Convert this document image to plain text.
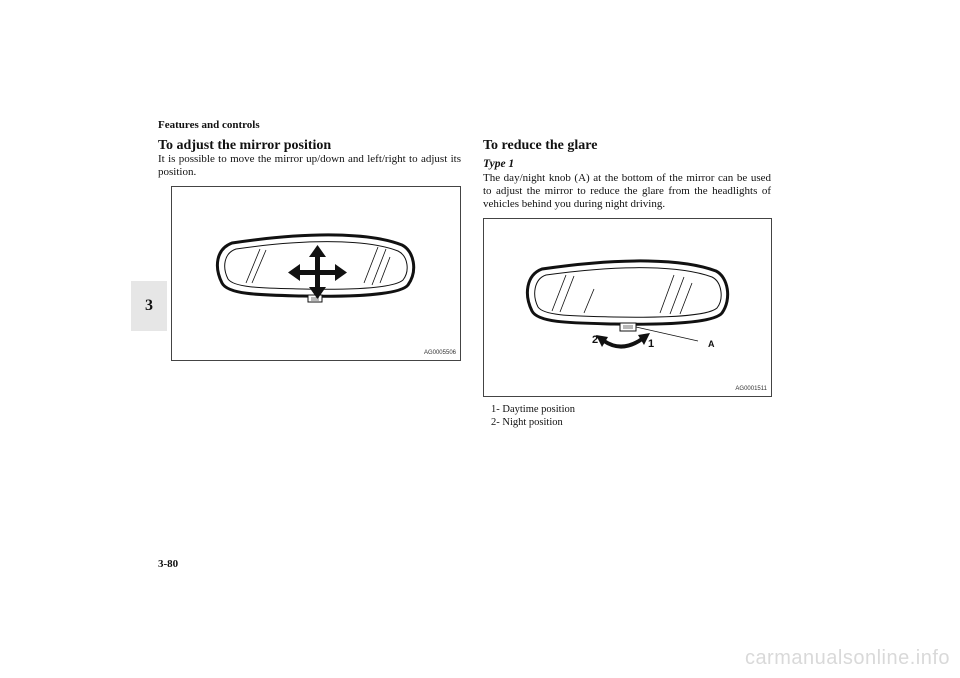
Features and controls
3
To adjust the mirror position
It is possible to move the mirror up/down and left/right to adjust its position.
AG0005506
To reduce the glare
Type 1
The day/night knob (A) at the bottom of the mirror can be used to adjust the mirror to reduce the glare from the headlights of vehicles behind you during night driving.
2	1	A
AG0001511
1- Daytime position
2- Night position
3-80
carmanualsonline.info
